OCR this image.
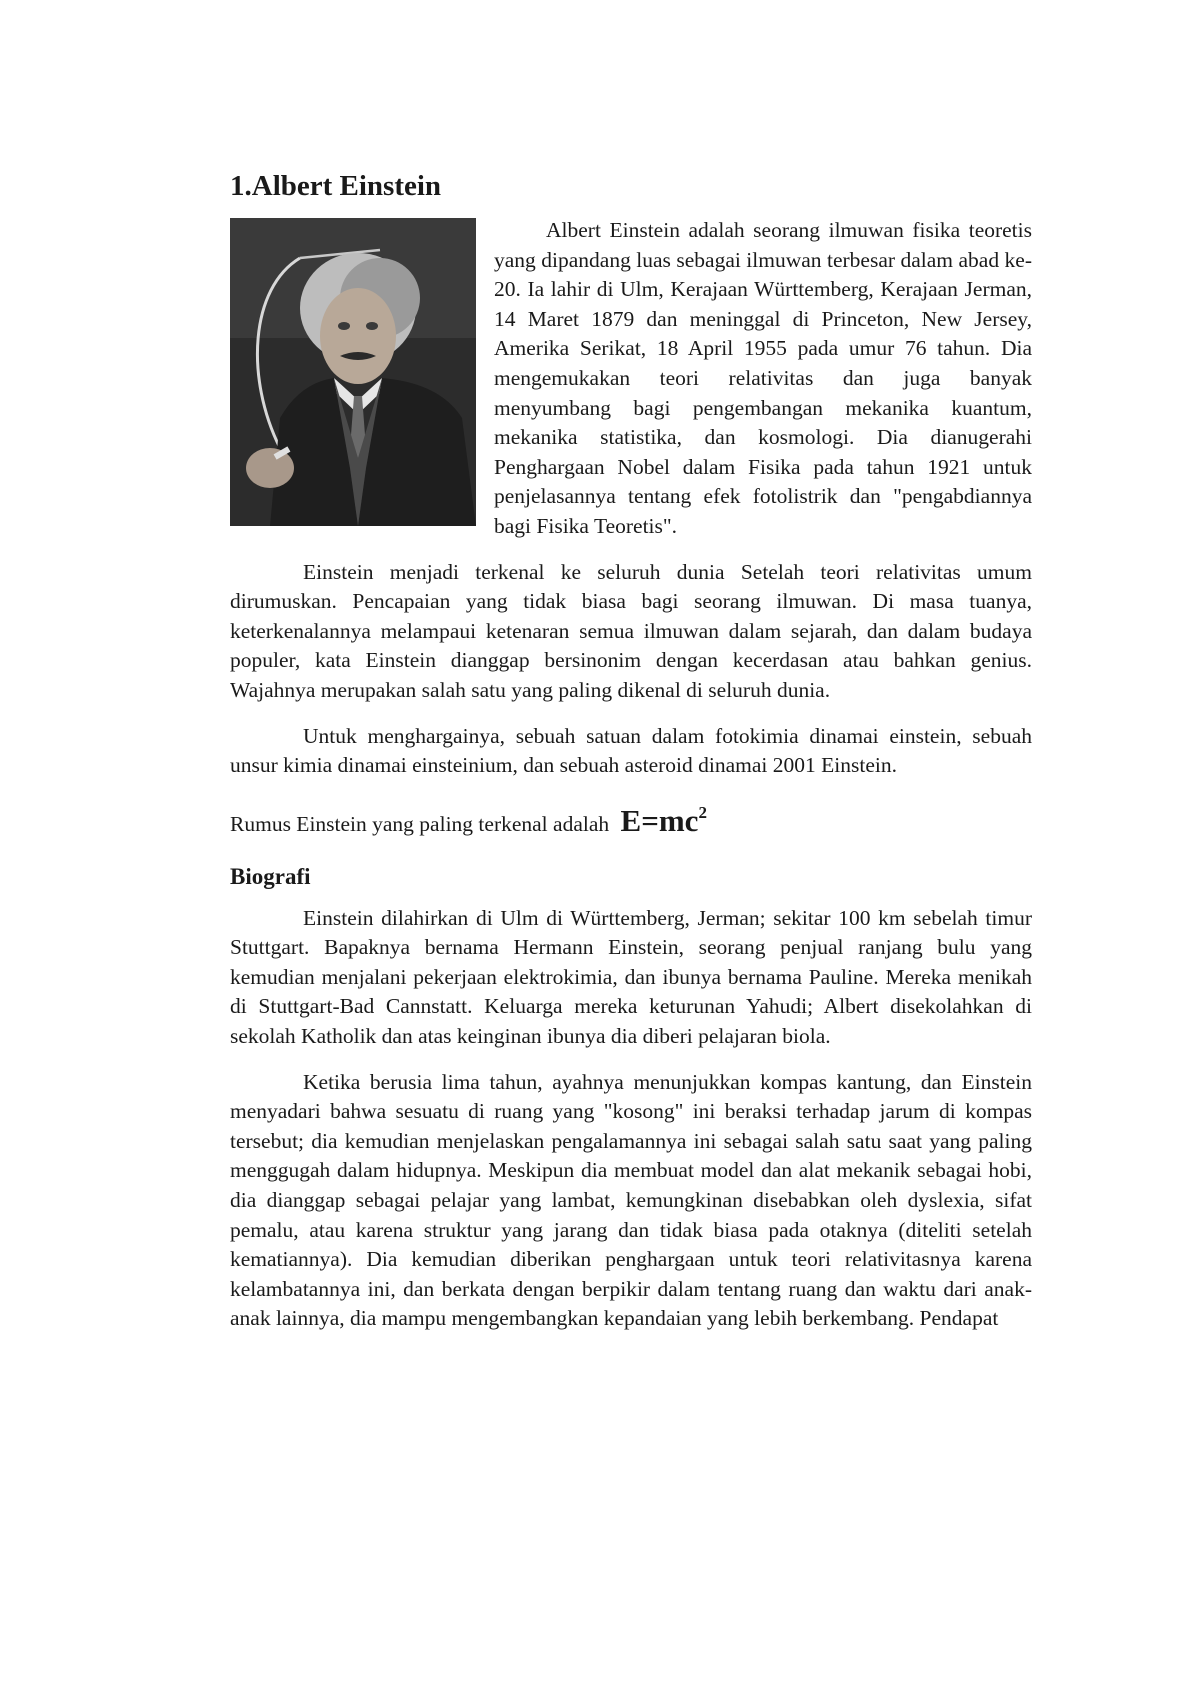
1.Albert Einstein

Albert Einstein adalah seorang ilmuwan fisika teoretis yang dipandang luas sebagai ilmuwan terbesar dalam abad ke-20. Ia lahir di Ulm, Kerajaan Württemberg, Kerajaan Jerman, 14 Maret 1879 dan meninggal di Princeton, New Jersey, Amerika Serikat, 18 April 1955 pada umur 76 tahun. Dia mengemukakan teori relativitas dan juga banyak menyumbang bagi pengembangan mekanika kuantum, mekanika statistika, dan kosmologi. Dia dianugerahi Penghargaan Nobel dalam Fisika pada tahun 1921 untuk penjelasannya tentang efek fotolistrik dan "pengabdiannya bagi Fisika Teoretis".

Einstein menjadi terkenal ke seluruh dunia Setelah teori relativitas umum dirumuskan. Pencapaian yang tidak biasa bagi seorang ilmuwan. Di masa tuanya, keterkenalannya melampaui ketenaran semua ilmuwan dalam sejarah, dan dalam budaya populer, kata Einstein dianggap bersinonim dengan kecerdasan atau bahkan genius. Wajahnya merupakan salah satu yang paling dikenal di seluruh dunia.

Untuk menghargainya, sebuah satuan dalam fotokimia dinamai einstein, sebuah unsur kimia dinamai einsteinium, dan sebuah asteroid dinamai 2001 Einstein.

Rumus Einstein yang paling terkenal adalah $E=mc^2$

Biografi

Einstein dilahirkan di Ulm di Württemberg, Jerman; sekitar 100 km sebelah timur Stuttgart. Bapaknya bernama Hermann Einstein, seorang penjual ranjang bulu yang kemudian menjalani pekerjaan elektrokimia, dan ibunya bernama Pauline. Mereka menikah di Stuttgart-Bad Cannstatt. Keluarga mereka keturunan Yahudi; Albert disekolahkan di sekolah Katholik dan atas keinginan ibunya dia diberi pelajaran biola.

Ketika berusia lima tahun, ayahnya menunjukkan kompas kantung, dan Einstein menyadari bahwa sesuatu di ruang yang "kosong" ini beraksi terhadap jarum di kompas tersebut; dia kemudian menjelaskan pengalamannya ini sebagai salah satu saat yang paling menggugah dalam hidupnya. Meskipun dia membuat model dan alat mekanik sebagai hobi, dia dianggap sebagai pelajar yang lambat, kemungkinan disebabkan oleh dyslexia, sifat pemalu, atau karena struktur yang jarang dan tidak biasa pada otaknya (diteliti setelah kematiannya). Dia kemudian diberikan penghargaan untuk teori relativitasnya karena kelambatannya ini, dan berkata dengan berpikir dalam tentang ruang dan waktu dari anak-anak lainnya, dia mampu mengembangkan kepandaian yang lebih berkembang. Pendapat
